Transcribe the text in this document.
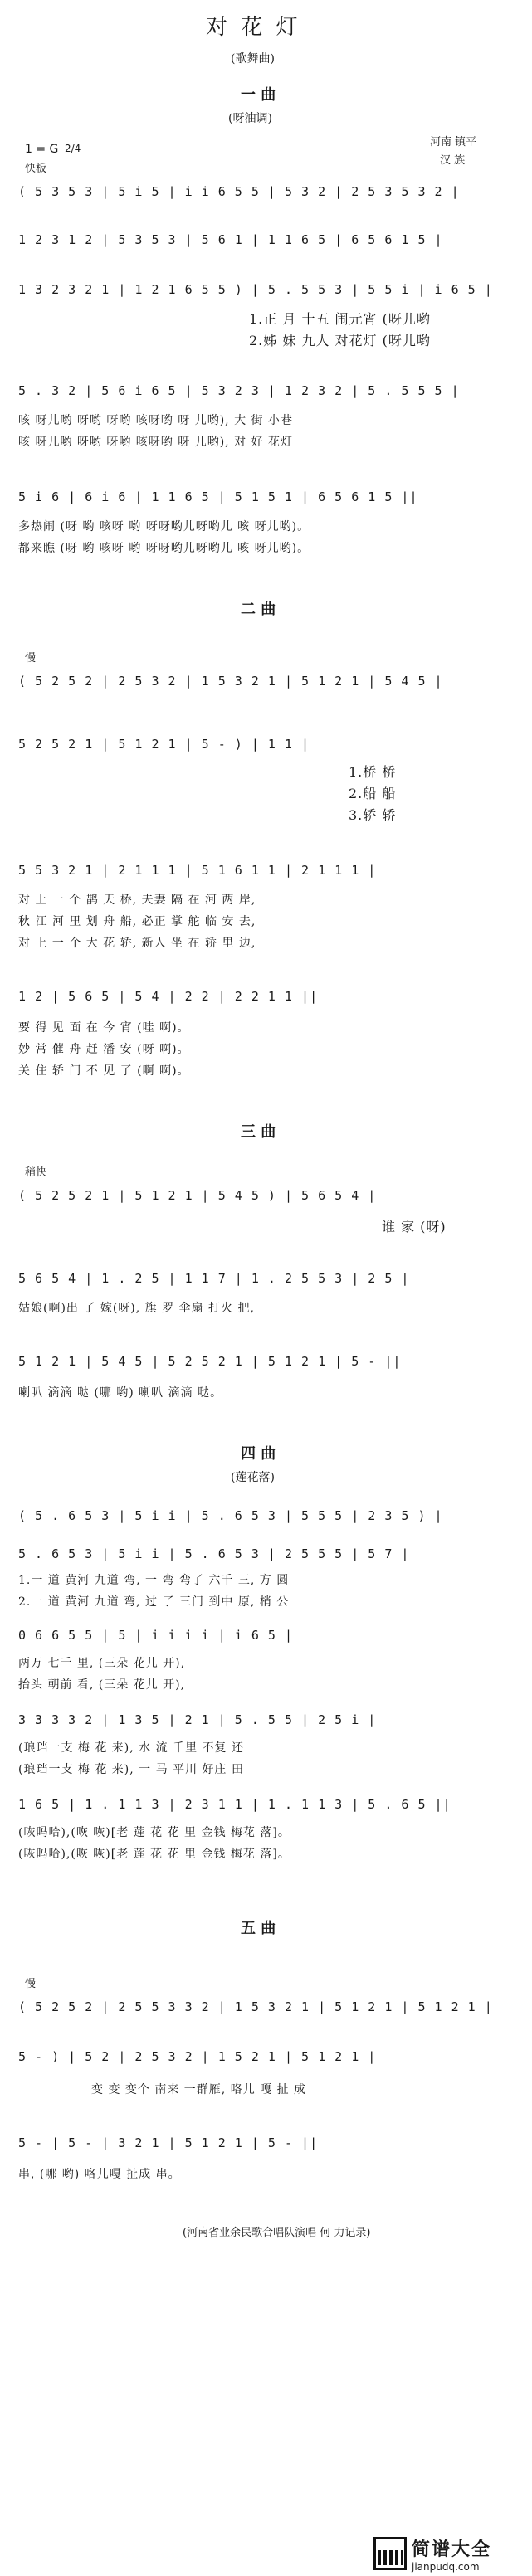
对 花 灯
(歌舞曲)
一 曲
(呀油调)
河南 镇平
汉 族
1 = G 2/4
快板
( 5 3 5 3 | 5 i 5 | i i 6 5 5 | 5 3 2 | 2 5 3 5 3 2 |
1 2 3 1 2 | 5 3 5 3 | 5 6 1 | 1 1 6 5 | 6 5 6 1 5 |
1 3 2 3 2 1 | 1 2 1 6 5 5 ) | 5 . 5 5 3 | 5 5 i | i 6 5 |
1.正 月 十五 闹元宵 (呀儿哟
2.姊 妹 九人 对花灯 (呀儿哟
5 . 3 2 | 5 6 i 6 5 | 5 3 2 3 | 1 2 3 2 | 5 . 5 5 5 |
咳 呀儿哟 呀哟 呀哟 咳呀哟 呀 儿哟), 大 街 小巷
咳 呀儿哟 呀哟 呀哟 咳呀哟 呀 儿哟), 对 好 花灯
5 i 6 | 6 i 6 | 1 1 6 5 | 5 1 5 1 | 6 5 6 1 5 ||
多热闹 (呀 哟 咳呀 哟 呀呀哟儿呀哟儿 咳 呀儿哟)。
都来瞧 (呀 哟 咳呀 哟 呀呀哟儿呀哟儿 咳 呀儿哟)。
二 曲
慢
( 5 2 5 2 | 2 5 3 2 | 1 5 3 2 1 | 5 1 2 1 | 5 4 5 |
5 2 5 2 1 | 5 1 2 1 | 5 - ) | 1 1 |
1.桥 桥
2.船 船
3.轿 轿
5 5 3 2 1 | 2 1 1 1 | 5 1 6 1 1 | 2 1 1 1 |
对 上 一 个 鹊 天 桥, 夫妻 隔 在 河 两 岸,
秋 江 河 里 划 舟 船, 必正 掌 舵 临 安 去,
对 上 一 个 大 花 轿, 新人 坐 在 轿 里 边,
1 2 | 5 6 5 | 5 4 | 2 2 | 2 2 1 1 ||
要 得 见 面 在 今 宵 (哇 啊)。
妙 常 催 舟 赶 潘 安 (呀 啊)。
关 住 轿 门 不 见 了 (啊 啊)。
三 曲
稍快
( 5 2 5 2 1 | 5 1 2 1 | 5 4 5 ) | 5 6 5 4 |
谁 家 (呀)
5 6 5 4 | 1 . 2 5 | 1 1 7 | 1 . 2 5 5 3 | 2 5 |
姑娘(啊)出 了 嫁(呀), 旗 罗 伞扇 打火 把,
5 1 2 1 | 5 4 5 | 5 2 5 2 1 | 5 1 2 1 | 5 - ||
喇叭 滴滴 哒 (哪 哟) 喇叭 滴滴 哒。
四 曲
(莲花落)
( 5 . 6 5 3 | 5 i i | 5 . 6 5 3 | 5 5 5 | 2 3 5 ) |
5 . 6 5 3 | 5 i i | 5 . 6 5 3 | 2 5 5 5 | 5 7 |
1.一 道 黄河 九道 弯, 一 弯 弯了 六千 三, 方 圆
2.一 道 黄河 九道 弯, 过 了 三门 到中 原, 梢 公
0 6 6 5 5 | 5 | i i i i | i 6 5 |
两万 七千 里, (三朵 花儿 开),
抬头 朝前 看, (三朵 花儿 开),
3 3 3 3 2 | 1 3 5 | 2 1 | 5 . 5 5 | 2 5 i |
(琅珰一支 梅 花 来), 水 流 千里 不复 还
(琅珰一支 梅 花 来), 一 马 平川 好庄 田
1 6 5 | 1 . 1 1 3 | 2 3 1 1 | 1 . 1 1 3 | 5 . 6 5 ||
(咴吗哈),(咴 咴)[老 莲 花 花 里 金钱 梅花 落]。
(咴吗哈),(咴 咴)[老 莲 花 花 里 金钱 梅花 落]。
五 曲
慢
( 5 2 5 2 | 2 5 5 3 3 2 | 1 5 3 2 1 | 5 1 2 1 | 5 1 2 1 |
5 - ) | 5 2 | 2 5 3 2 | 1 5 2 1 | 5 1 2 1 |
变 变 变个 南来 一群雁, 咯儿 嘎 扯 成
5 - | 5 - | 3 2 1 | 5 1 2 1 | 5 - ||
串, (哪 哟) 咯儿嘎 扯成 串。
(河南省业余民歌合唱队演唱 何 力记录)
简谱大全
jianpudq.com
